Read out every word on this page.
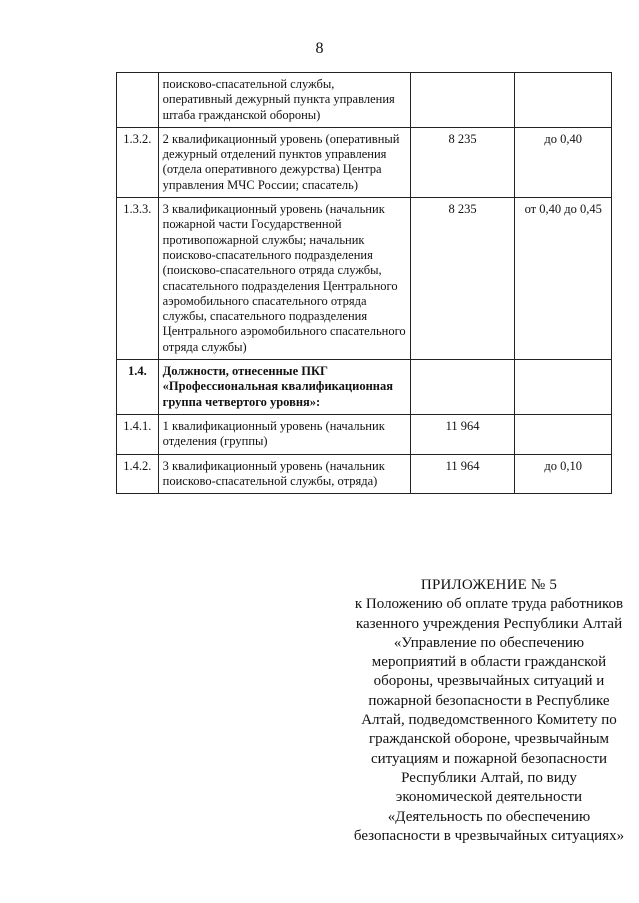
8
	поисково-спасательной службы, оперативный дежурный пункта управления штаба гражданской обороны)		
1.3.2.	2 квалификационный уровень (оперативный дежурный отделений пунктов управления (отдела оперативного дежурства) Центра управления МЧС России; спасатель)	8 235	до 0,40
1.3.3.	3 квалификационный уровень (начальник пожарной части Государственной противопожарной службы; начальник поисково-спасательного подразделения (поисково-спасательного отряда службы, спасательного подразделения Центрального аэромобильного спасательного отряда службы, спасательного подразделения Центрального аэромобильного спасательного отряда службы)	8 235	от 0,40 до 0,45
1.4.	Должности, отнесенные ПКГ «Профессиональная квалификационная группа четвертого уровня»:		
1.4.1.	1 квалификационный уровень (начальник отделения (группы)	11 964	
1.4.2.	3 квалификационный уровень (начальник поисково-спасательной службы, отряда)	11 964	до 0,10
ПРИЛОЖЕНИЕ № 5
к Положению об оплате труда работников казенного учреждения Республики Алтай «Управление по обеспечению мероприятий в области гражданской обороны, чрезвычайных ситуаций и пожарной безопасности в Республике Алтай, подведомственного Комитету по гражданской обороне, чрезвычайным ситуациям и пожарной безопасности Республики Алтай, по виду экономической деятельности «Деятельность по обеспечению безопасности в чрезвычайных ситуациях»
